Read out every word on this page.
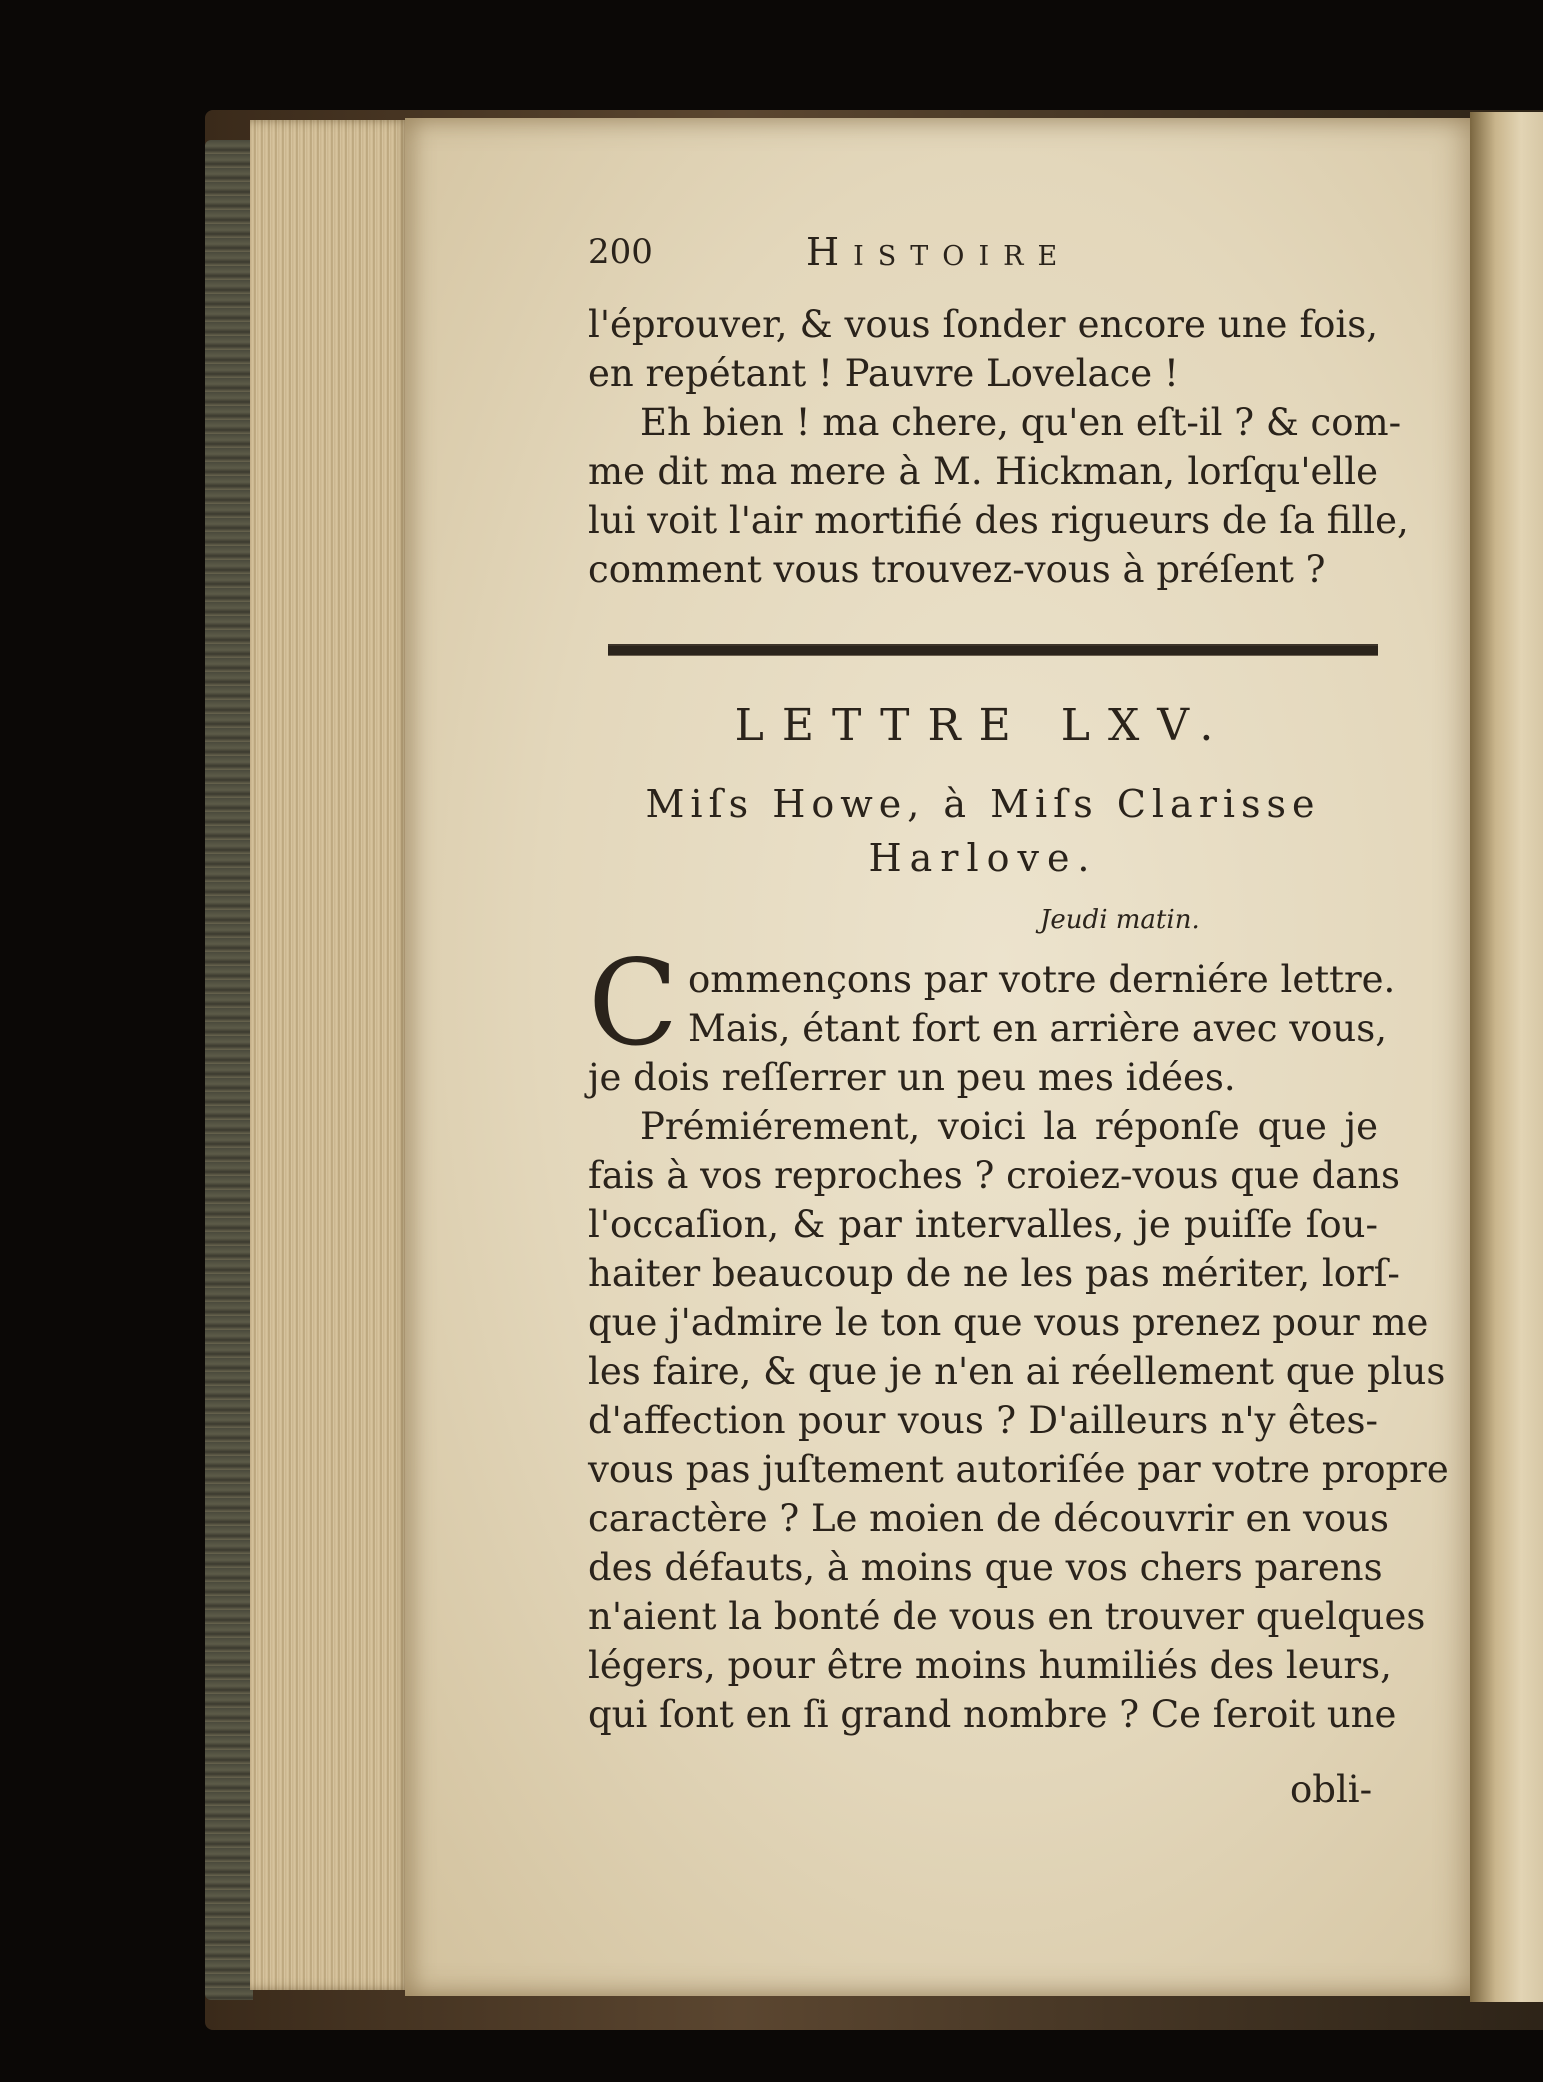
200	Histoire
l'éprouver, & vous ſonder encore une fois,
en repétant ! Pauvre Lovelace !
Eh bien ! ma chere, qu'en eſt-il ? & com-
me dit ma mere à M. Hickman, lorſqu'elle
lui voit l'air mortifié des rigueurs de ſa fille,
comment vous trouvez-vous à préſent ?
LETTRE LXV.
Miſs Howe, à Miſs Clarisse
Harlove.
Jeudi matin.
C ommençons par votre derniére lettre.
Mais, étant fort en arrière avec vous,
je dois reſſerrer un peu mes idées.
Prémiérement, voici la réponſe que je
fais à vos reproches ? croiez-vous que dans
l'occaſion, & par intervalles, je puiſſe ſou-
haiter beaucoup de ne les pas mériter, lorſ-
que j'admire le ton que vous prenez pour me
les faire, & que je n'en ai réellement que plus
d'affection pour vous ? D'ailleurs n'y êtes-
vous pas juſtement autoriſée par votre propre
caractère ? Le moien de découvrir en vous
des défauts, à moins que vos chers parens
n'aient la bonté de vous en trouver quelques
légers, pour être moins humiliés des leurs,
qui ſont en ſi grand nombre ? Ce ſeroit une
obli-
